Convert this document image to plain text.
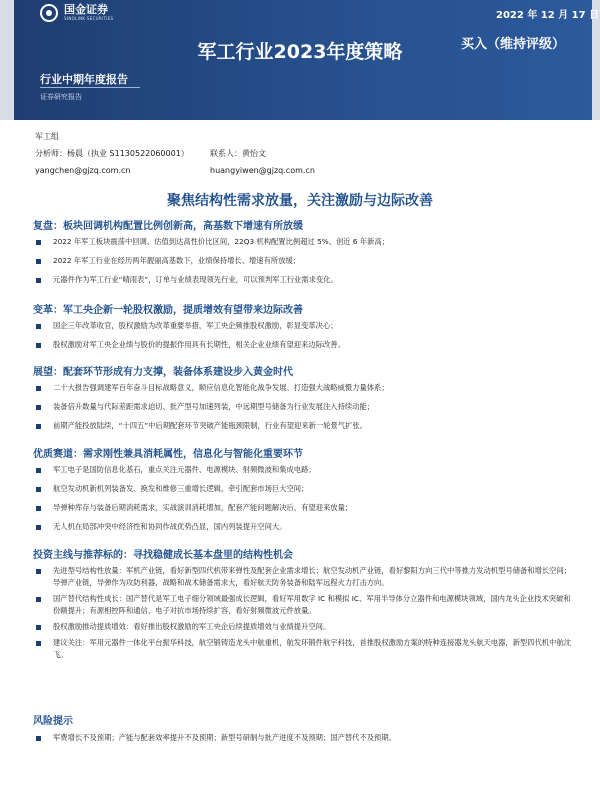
国金证券
SINOLINK SECURITIES	2022 年 12 月 17 日
军工行业2023年度策略	买入（维持评级）
行业中期年度报告
证券研究报告
军工组
分析师：杨晨（执业 S1130522060001）	联系人：黄怡文
yangchen@gjzq.com.cn	huangyiwen@gjzq.com.cn
聚焦结构性需求放量，关注激励与边际改善
复盘：板块回调机构配置比例创新高，高基数下增速有所放缓
2022 年军工板块震荡中回调、估值到达高性价比区间，22Q3 机构配置比例超过 5%、创近 6 年新高；
2022 年军工行业在经历两年靓丽高基数下，业绩保持增长、增速有所放缓；
元器件作为军工行业“晴雨表”，订单与业绩表现领先行业，可以预判军工行业需求变化。
变革：军工央企新一轮股权激励，提质增效有望带来边际改善
国企三年改革收官，股权激励为改革重要举措，军工央企频推股权激励，彰显变革决心；
股权激励对军工央企业绩与股价的提振作用具有长期性，相关企业业绩有望迎来边际改善。
展望：配套环节形成有力支撑，装备体系建设步入黄金时代
二十大报告强调建军百年奋斗目标战略意义，顺应信息化智能化战争发展、打造强大战略威慑力量体系；
装备倍升数量与代际差距需求迫切、批产型号加速列装，中远期型号储备为行业发展注入持续动能；
前期产能投放陆续，“十四五”中后期配套环节突破产能瓶颈限制，行业有望迎来新一轮景气扩张。
优质赛道：需求刚性兼具消耗属性，信息化与智能化重要环节
军工电子是国防信息化基石，重点关注元器件、电源模块、射频微波和集成电路；
航空发动机新机列装备发、换发和维修三重增长逻辑，牵引配套市场巨大空间；
导弹种库存与装备后期消耗需求，实战演训消耗增加，配套产能问题解决后、有望迎来放量；
无人机在局部冲突中经济性和协同作战优势凸显，国内列装提升空间大。
投资主线与推荐标的：寻找稳健成长基本盘里的结构性机会
先进型号结构性放量：军机产业链，看好新型四代机带来弹性及配套企业需求增长；航空发动机产业链，看好黎阳方向三代中等推力发动机型号储备和增长空间；导弹产业链，导弹作为攻防利器，战略和战术储备需求大，看好航天防务装备和陆军远程火力打击方向。
国产替代结构性成长：国产替代是军工电子细分领域最强成长逻辑，看好军用数字 IC 和模拟 IC、军用半导体分立器件和电源模块领域，国内龙头企业技术突破和份额提升；有源相控阵和通信、电子对抗市场持续扩容，看好射频微波元件放量。
股权激励推动提质增效：看好推出股权激励的军工央企后续提质增效与业绩提升空间。
建议关注：军用元器件一体化平台振华科技，航空锻铸造龙头中航重机，航发环锻件航宇科技，首推股权激励方案的特种连接器龙头航天电器，新型四代机中航沈飞。
风险提示
军费增长不及预期；产能与配套效率提升不及预期；新型号研制与批产进度不及预期；国产替代不及预期。
